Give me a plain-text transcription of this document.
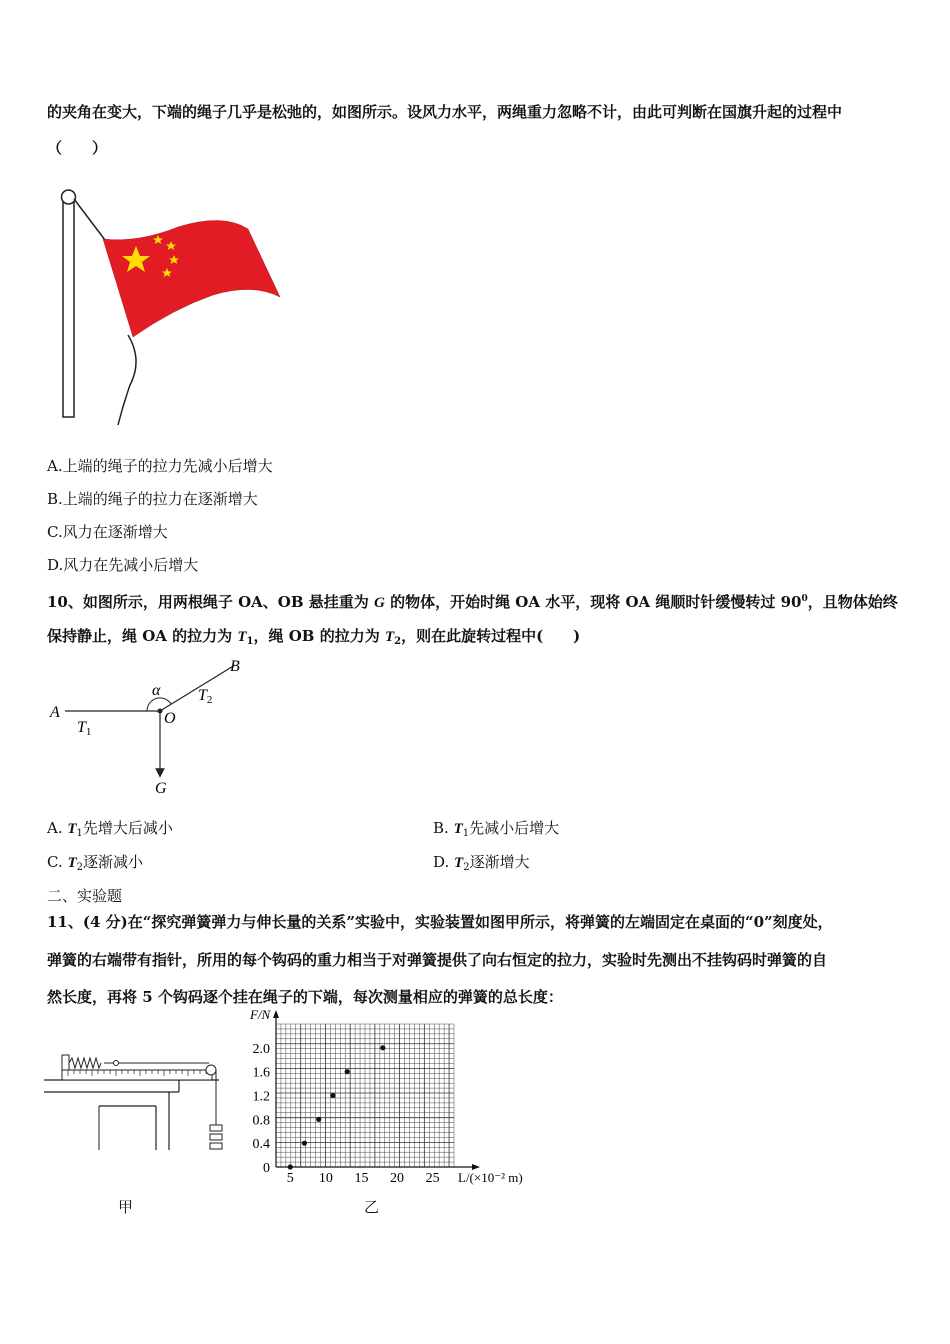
的夹角在变大，下端的绳子几乎是松弛的，如图所示。设风力水平，两绳重力忽略不计，由此可判断在国旗升起的过程中
（　　）
A.上端的绳子的拉力先减小后增大
B.上端的绳子的拉力在逐渐增大
C.风力在逐渐增大
D.风力在先减小后增大
10、如图所示，用两根绳子 OA、OB 悬挂重为 G 的物体，开始时绳 OA 水平，现将 OA 绳顺时针缓慢转过 $90^0$，且物体始终
保持静止，绳 OA 的拉力为 $T_1$，绳 OB 的拉力为 $T_2$，则在此旋转过程中(　　)
A
B
O
G
α
T1
T2
A. $T_1$先增大后减小	B. $T_1$先减小后增大
C. $T_2$逐渐减小	D. $T_2$逐渐增大
二、实验题
11、(4 分)在“探究弹簧弹力与伸长量的关系”实验中，实验装置如图甲所示，将弹簧的左端固定在桌面的“0”刻度处，
弹簧的右端带有指针，所用的每个钩码的重力相当于对弹簧提供了向右恒定的拉力，实验时先测出不挂钩码时弹簧的自
然长度，再将 5 个钩码逐个挂在绳子的下端，每次测量相应的弹簧的总长度：
甲
0
0.4
0.8
1.2
1.6
2.0
5 10 15 20 25
F/N
L/(×10⁻² m)
乙
